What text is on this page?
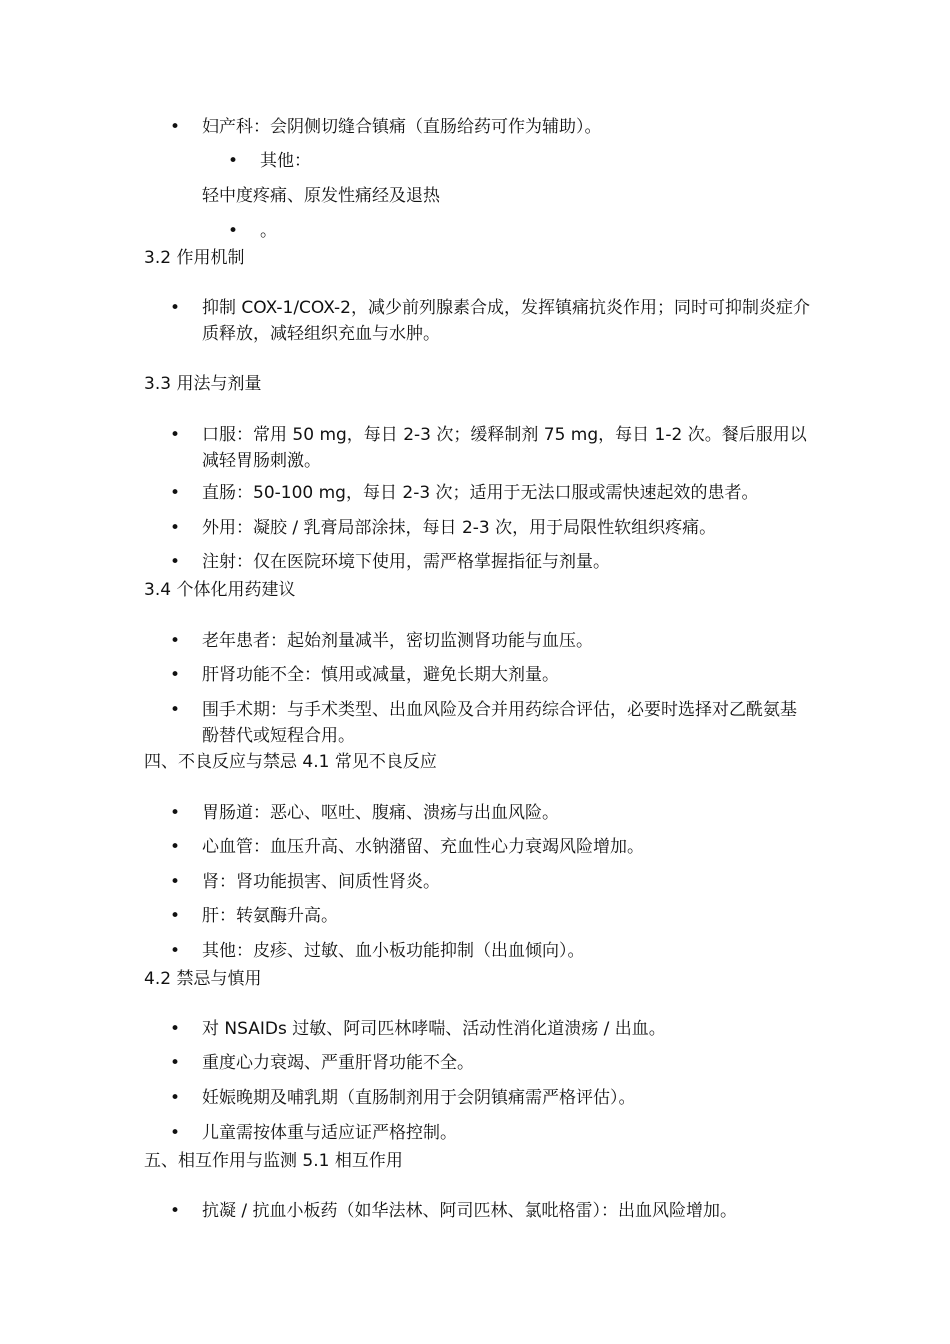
•	妇产科：会阴侧切缝合镇痛（直肠给药可作为辅助）。
•	其他：
轻中度疼痛、原发性痛经及退热
•	。
3.2 作用机制
•	抑制 COX-1/COX-2，减少前列腺素合成，发挥镇痛抗炎作用；同时可抑制炎症介质释放，减轻组织充血与水肿。
3.3 用法与剂量
•	口服：常用 50 mg，每日 2-3 次；缓释制剂 75 mg，每日 1-2 次。餐后服用以减轻胃肠刺激。
•	直肠：50-100 mg，每日 2-3 次；适用于无法口服或需快速起效的患者。
•	外用：凝胶 / 乳膏局部涂抹，每日 2-3 次，用于局限性软组织疼痛。
•	注射：仅在医院环境下使用，需严格掌握指征与剂量。
3.4 个体化用药建议
•	老年患者：起始剂量减半，密切监测肾功能与血压。
•	肝肾功能不全：慎用或减量，避免长期大剂量。
•	围手术期：与手术类型、出血风险及合并用药综合评估，必要时选择对乙酰氨基酚替代或短程合用。
四、不良反应与禁忌 4.1 常见不良反应
•	胃肠道：恶心、呕吐、腹痛、溃疡与出血风险。
•	心血管：血压升高、水钠潴留、充血性心力衰竭风险增加。
•	肾：肾功能损害、间质性肾炎。
•	肝：转氨酶升高。
•	其他：皮疹、过敏、血小板功能抑制（出血倾向）。
4.2 禁忌与慎用
•	对 NSAIDs 过敏、阿司匹林哮喘、活动性消化道溃疡 / 出血。
•	重度心力衰竭、严重肝肾功能不全。
•	妊娠晚期及哺乳期（直肠制剂用于会阴镇痛需严格评估）。
•	儿童需按体重与适应证严格控制。
五、相互作用与监测 5.1 相互作用
•	抗凝 / 抗血小板药（如华法林、阿司匹林、氯吡格雷）：出血风险增加。
